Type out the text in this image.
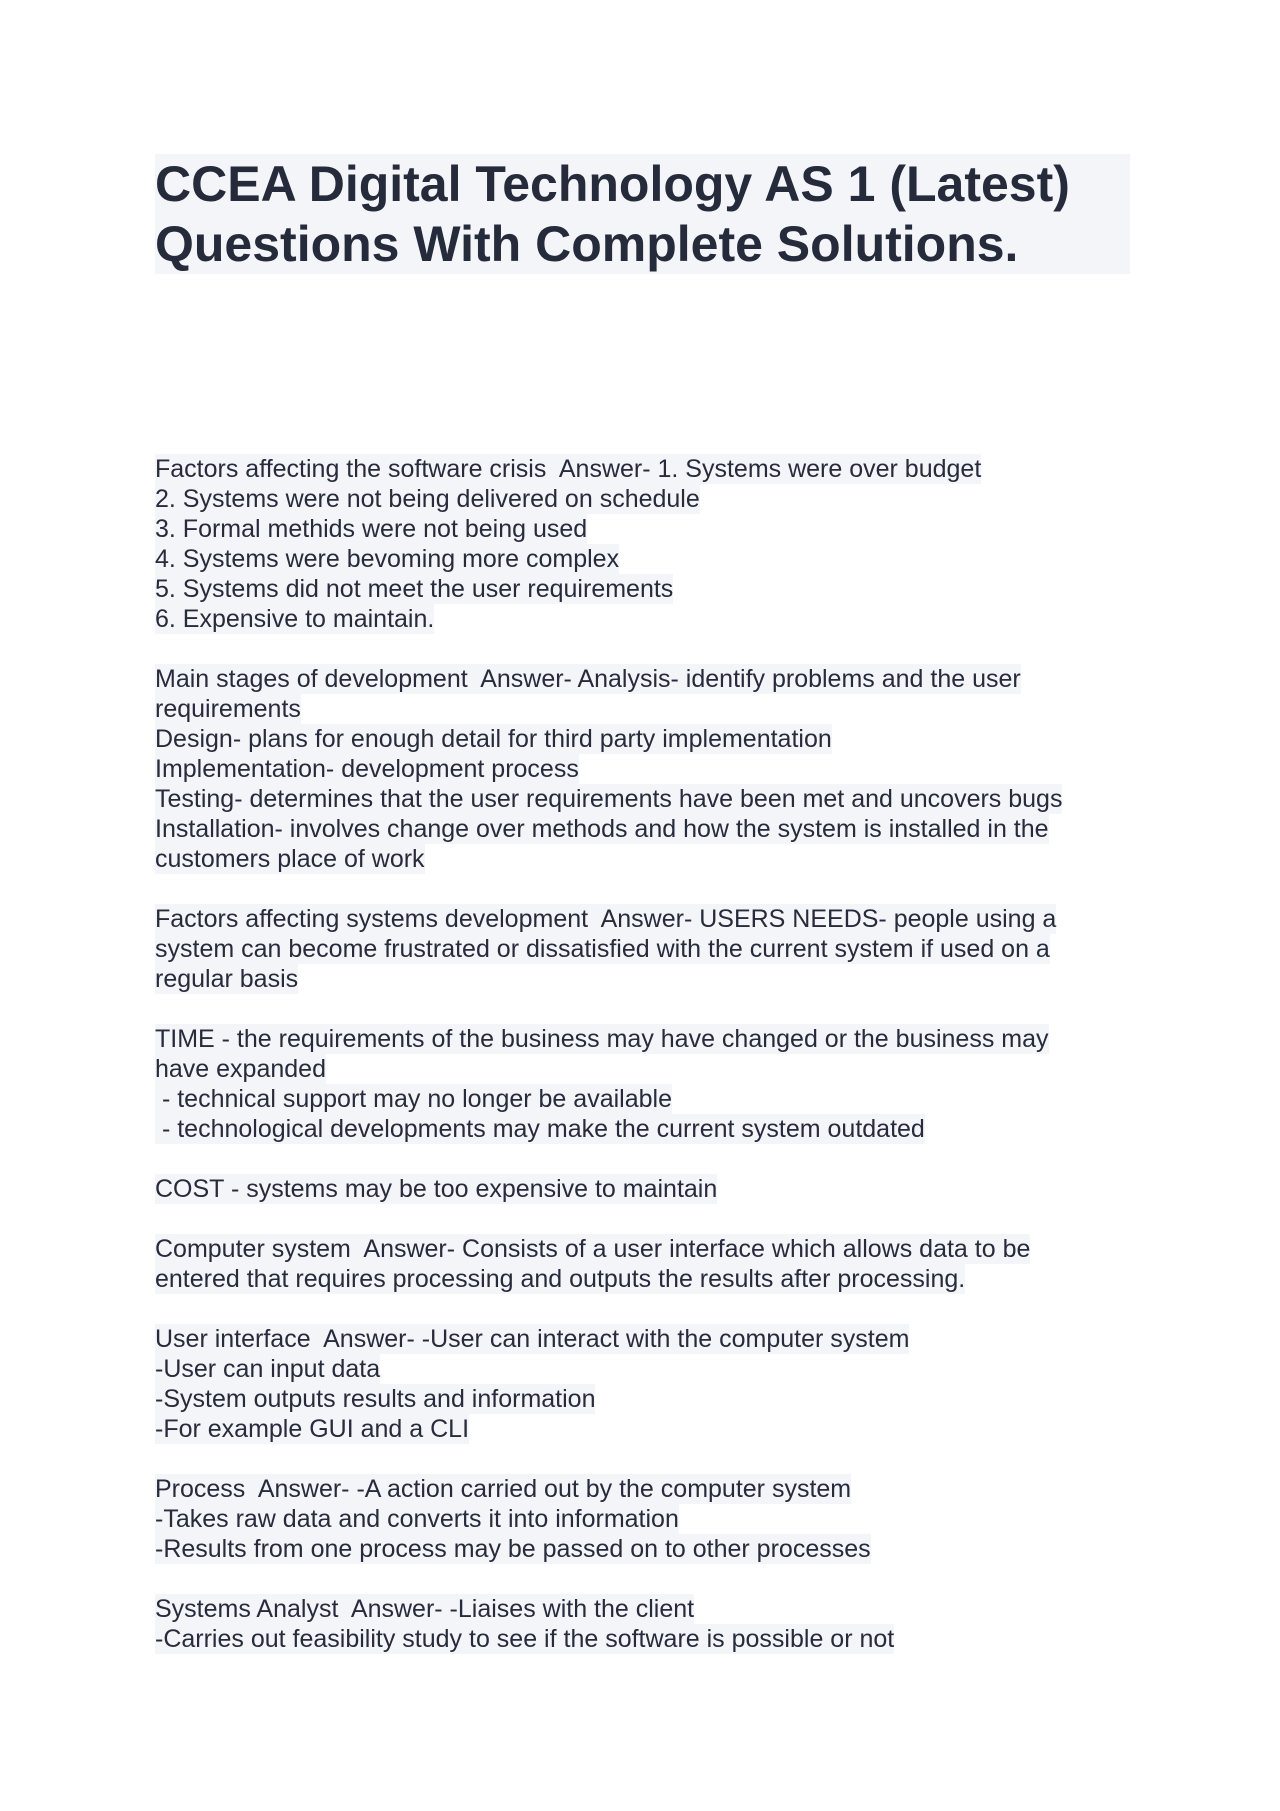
CCEA Digital Technology AS 1 (Latest)
Questions With Complete Solutions.
Factors affecting the software crisis  Answer- 1. Systems were over budget
2. Systems were not being delivered on schedule
3. Formal methids were not being used
4. Systems were bevoming more complex
5. Systems did not meet the user requirements
6. Expensive to maintain.
Main stages of development  Answer- Analysis- identify problems and the user
requirements
Design- plans for enough detail for third party implementation
Implementation- development process
Testing- determines that the user requirements have been met and uncovers bugs
Installation- involves change over methods and how the system is installed in the
customers place of work
Factors affecting systems development  Answer- USERS NEEDS- people using a
system can become frustrated or dissatisfied with the current system if used on a
regular basis
TIME - the requirements of the business may have changed or the business may
have expanded
- technical support may no longer be available
- technological developments may make the current system outdated
COST - systems may be too expensive to maintain
Computer system  Answer- Consists of a user interface which allows data to be
entered that requires processing and outputs the results after processing.
User interface  Answer- -User can interact with the computer system
-User can input data
-System outputs results and information
-For example GUI and a CLI
Process  Answer- -A action carried out by the computer system
-Takes raw data and converts it into information
-Results from one process may be passed on to other processes
Systems Analyst  Answer- -Liaises with the client
-Carries out feasibility study to see if the software is possible or not
